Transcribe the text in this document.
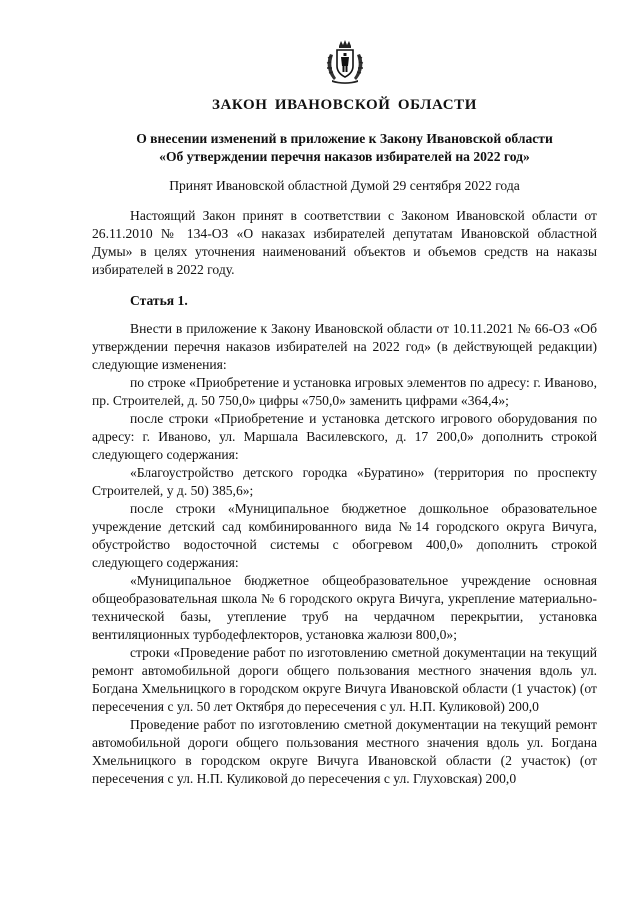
ЗАКОН ИВАНОВСКОЙ ОБЛАСТИ
О внесении изменений в приложение к Закону Ивановской области
«Об утверждении перечня наказов избирателей на 2022 год»
Принят Ивановской областной Думой 29 сентября 2022 года

Настоящий Закон принят в соответствии с Законом Ивановской области от 26.11.2010 № 134-ОЗ «О наказах избирателей депутатам Ивановской областной Думы» в целях уточнения наименований объектов и объемов средств на наказы избирателей в 2022 году.

Статья 1.

Внести в приложение к Закону Ивановской области от 10.11.2021 № 66-ОЗ «Об утверждении перечня наказов избирателей на 2022 год» (в действующей редакции) следующие изменения:

по строке «Приобретение и установка игровых элементов по адресу: г. Иваново, пр. Строителей, д. 50 750,0» цифры «750,0» заменить цифрами «364,4»;

после строки «Приобретение и установка детского игрового оборудования по адресу: г. Иваново, ул. Маршала Василевского, д. 17 200,0» дополнить строкой следующего содержания:

«Благоустройство детского городка «Буратино» (территория по проспекту Строителей, у д. 50) 385,6»;

после строки «Муниципальное бюджетное дошкольное образовательное учреждение детский сад комбинированного вида №14 городского округа Вичуга, обустройство водосточной системы с обогревом 400,0» дополнить строкой следующего содержания:

«Муниципальное бюджетное общеобразовательное учреждение основная общеобразовательная школа № 6 городского округа Вичуга, укрепление материально-технической базы, утепление труб на чердачном перекрытии, установка вентиляционных турбодефлекторов, установка жалюзи 800,0»;

строки «Проведение работ по изготовлению сметной документации на текущий ремонт автомобильной дороги общего пользования местного значения вдоль ул. Богдана Хмельницкого в городском округе Вичуга Ивановской области (1 участок) (от пересечения с ул. 50 лет Октября до пересечения с ул. Н.П. Куликовой) 200,0

Проведение работ по изготовлению сметной документации на текущий ремонт автомобильной дороги общего пользования местного значения вдоль ул. Богдана Хмельницкого в городском округе Вичуга Ивановской области (2 участок) (от пересечения с ул. Н.П. Куликовой до пересечения с ул. Глуховская) 200,0
